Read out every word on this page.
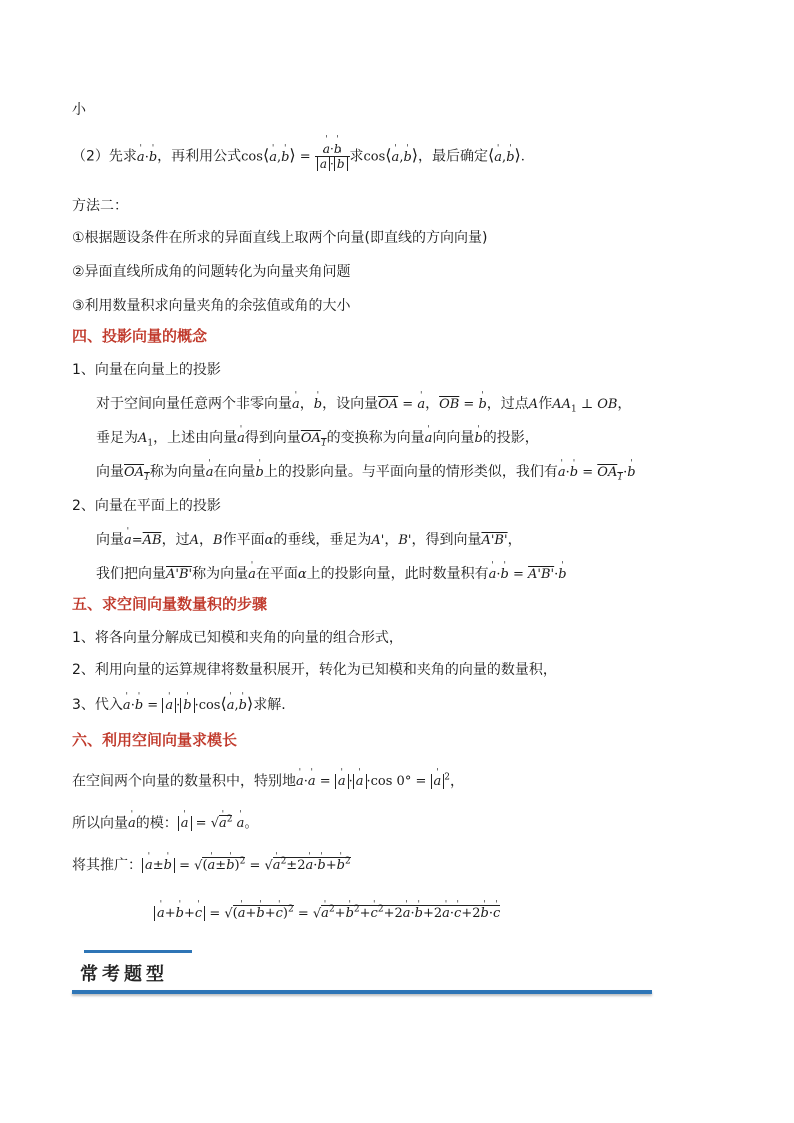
小
（2）先求' a·' b，再利用公式cos⟨' a,' b⟩ = ' a·' b
' a · ' b 求cos⟨' a,' b⟩，最后确定⟨' a,' b⟩.
方法二：
①根据题设条件在所求的异面直线上取两个向量(即直线的方向向量)
②异面直线所成角的问题转化为向量夹角问题
③利用数量积求向量夹角的余弦值或角的大小
四、投影向量的概念
1、向量在向量上的投影
对于空间向量任意两个非零向量' a，' b，设向量$\overline{OA}$ = ' a，$\overline{OB}$ = ' b，过点A作$AA_1$ ⊥ OB，
垂足为$A_1$，上述由向量' a得到向量$OA_1$的变换称为向量' a向向量' b的投影，
向量$OA_1$称为向量' a在向量' b上的投影向量。与平面向量的情形类似，我们有' a·' $b = OA_1\cdot'$ b
2、向量在平面上的投影
向量' $a=\overline{AB}$，过A，B作平面α的垂线，垂足为A'，B'，得到向量A'B'，
我们把向量A'B'称为向量' a在平面α上的投影向量，此时数量积有' a·' b = A'B'·' b
五、求空间向量数量积的步骤
1、将各向量分解成已知模和夹角的向量的组合形式，
2、利用向量的运算规律将数量积展开，转化为已知模和夹角的向量的数量积，
3、代入' a·' b = ' a · ' b ·cos⟨' a,' b⟩求解.
六、利用空间向量求模长
在空间两个向量的数量积中，特别地' a·' a = ' a · ' a ·cos 0° = ' a $^2$，
所以向量' a的模： ' a = √' $a^2$ ' a。
将其推广： ' a±' b = √(' a±' b)$^2$ = √' $a^2\pm 2'$ a·' b+' $b^2$
' a+' b+' c = √(' a+' b+' c)$^2$ = √' $a^2+'$ $b^2+'$ $c^2+2'$ a·' b+2' a·' c+2' b·' c
常考题型
